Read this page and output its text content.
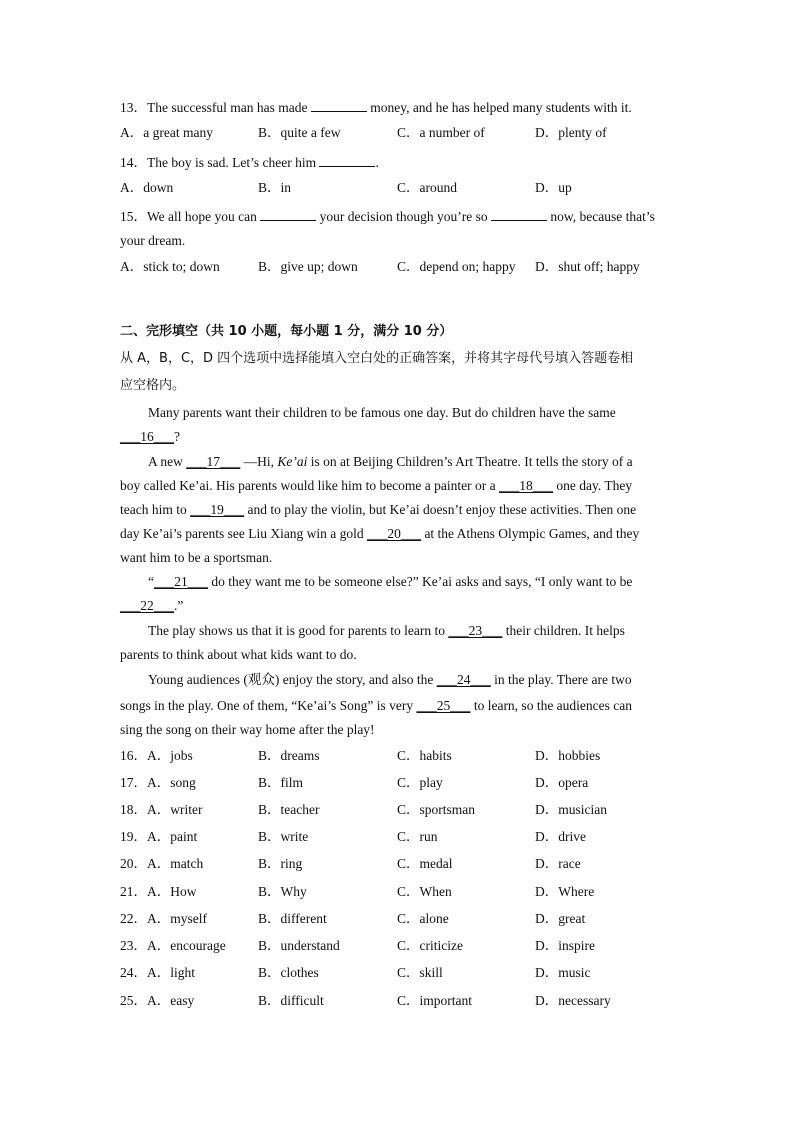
13．The successful man has made	money, and he has helped many students with it.
A．a great many	B．quite a few	C．a number of	D．plenty of
14．The boy is sad. Let’s cheer him	.
A．down	B．in	C．around	D．up
15．We all hope you can	your decision though you’re so	now, because that’s
your dream.
A．stick to; down	B．give up; down	C．depend on; happy D．shut off; happy
二、完形填空（共 10 小题，每小题 1 分，满分 10 分）
从 A，B，C，D 四个选项中选择能填入空白处的正确答案，并将其字母代号填入答题卷相
应空格内。
Many parents want their children to be famous one day. But do children have the same
___16___?
A new ___17___ —Hi, Ke’ai is on at Beijing Children’s Art Theatre. It tells the story of a
boy called Ke’ai. His parents would like him to become a painter or a ___18___ one day. They
teach him to ___19___ and to play the violin, but Ke’ai doesn’t enjoy these activities. Then one
day Ke’ai’s parents see Liu Xiang win a gold ___20___ at the Athens Olympic Games, and they
want him to be a sportsman.
“___21___ do they want me to be someone else?” Ke’ai asks and says, “I only want to be
___22___.”
The play shows us that it is good for parents to learn to ___23___ their children. It helps
parents to think about what kids want to do.
Young audiences (观众) enjoy the story, and also the ___24___ in the play. There are two
songs in the play. One of them, “Ke’ai’s Song” is very ___25___ to learn, so the audiences can
sing the song on their way home after the play!
16．A．jobs	B．dreams	C．habits	D．hobbies
17．A．song	B．film	C．play	D．opera
18．A．writer	B．teacher	C．sportsman	D．musician
19．A．paint	B．write	C．run	D．drive
20．A．match	B．ring	C．medal	D．race
21．A．How	B．Why	C．When	D．Where
22．A．myself	B．different	C．alone	D．great
23．A．encourage B．understand	C．criticize	D．inspire
24．A．light	B．clothes	C．skill	D．music
25．A．easy	B．difficult	C．important	D．necessary
